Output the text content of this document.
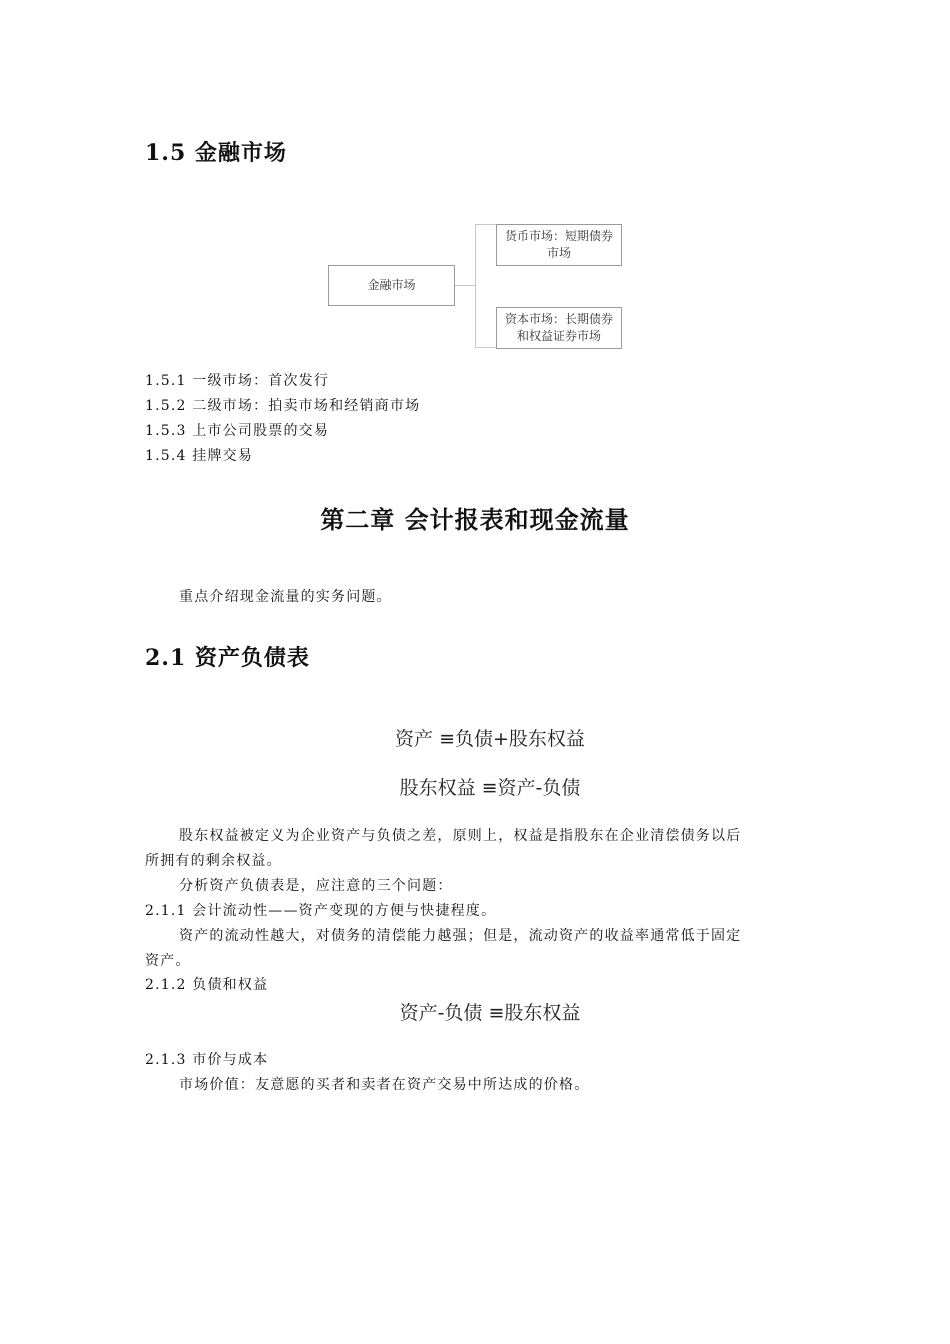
1.5 金融市场
金融市场
货币市场：短期债券
市场
资本市场：长期债券
和权益证券市场
1.5.1 一级市场：首次发行
1.5.2 二级市场：拍卖市场和经销商市场
1.5.3 上市公司股票的交易
1.5.4 挂牌交易
第二章 会计报表和现金流量
重点介绍现金流量的实务问题。
2.1 资产负债表
资产 ≡负债+股东权益
股东权益 ≡资产-负债
股东权益被定义为企业资产与负债之差，原则上，权益是指股东在企业清偿债务以后
所拥有的剩余权益。
分析资产负债表是，应注意的三个问题：
2.1.1 会计流动性——资产变现的方便与快捷程度。
资产的流动性越大，对债务的清偿能力越强；但是，流动资产的收益率通常低于固定
资产。
2.1.2 负债和权益
资产-负债 ≡股东权益
2.1.3 市价与成本
市场价值：友意愿的买者和卖者在资产交易中所达成的价格。
